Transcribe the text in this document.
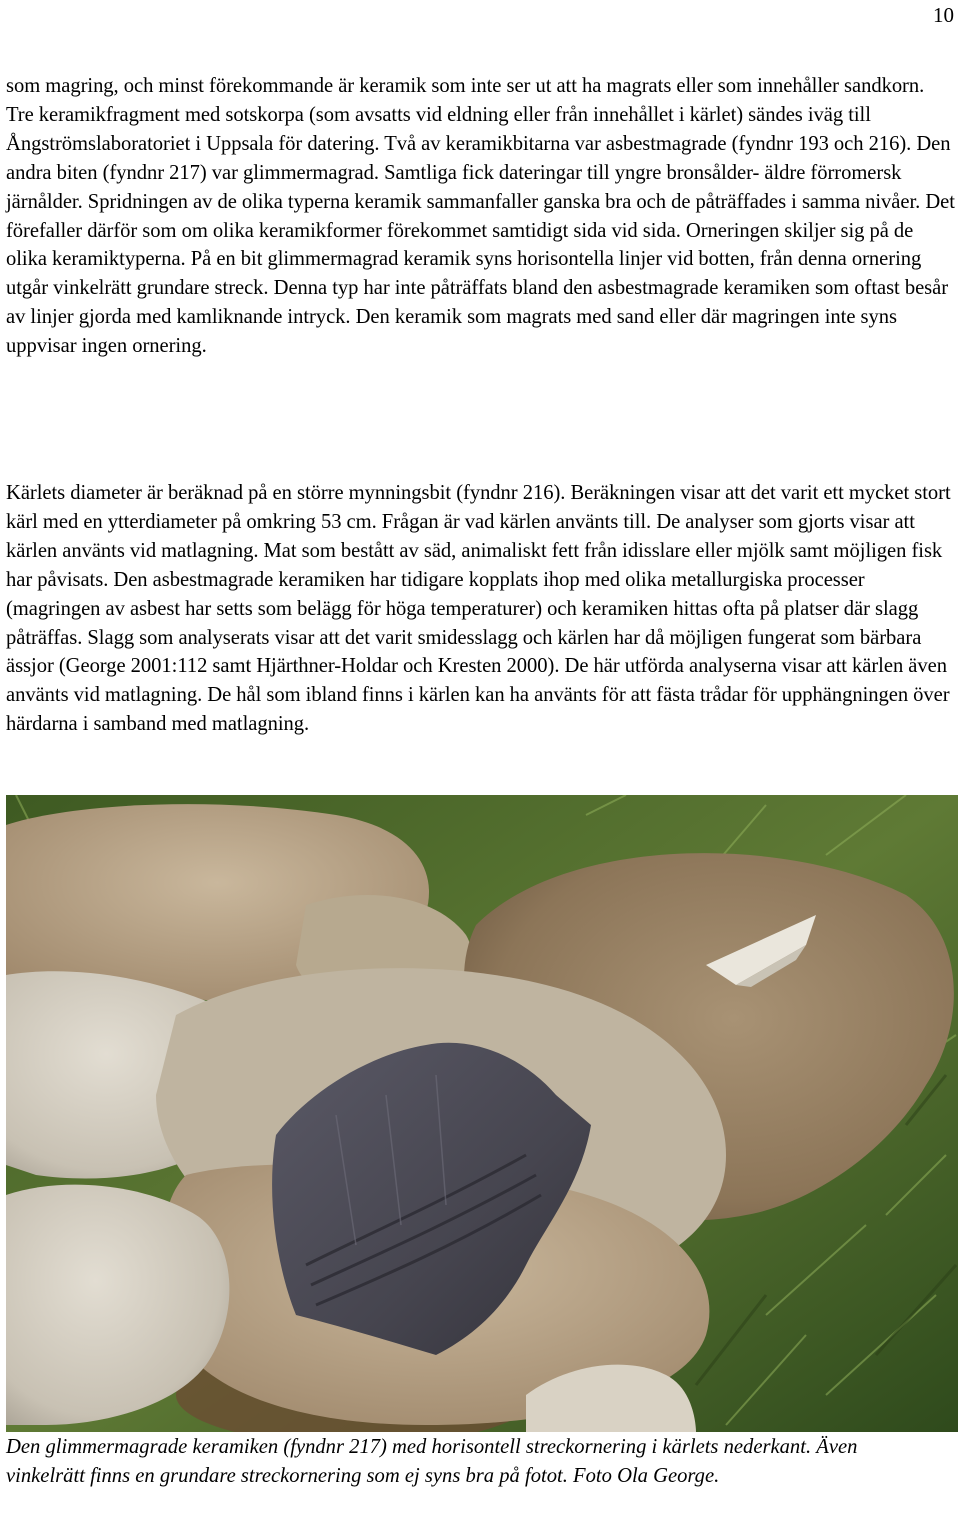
10

som magring, och minst förekommande är keramik som inte ser ut att ha magrats eller som innehåller sandkorn.
Tre keramikfragment med sotskorpa (som avsatts vid eldning eller från innehållet i kärlet) sändes iväg till Ångströmslaboratoriet i Uppsala för datering. Två av keramikbitarna var asbestmagrade (fyndnr 193 och 216). Den andra biten (fyndnr 217) var glimmermagrad. Samtliga fick dateringar till yngre bronsålder- äldre förromersk järnålder. Spridningen av de olika typerna keramik sammanfaller ganska bra och de påträffades i samma nivåer. Det förefaller därför som om olika keramikformer förekommet samtidigt sida vid sida. Orneringen skiljer sig på de olika keramiktyperna. På en bit glimmermagrad keramik syns horisontella linjer vid botten, från denna ornering utgår vinkelrätt grundare streck. Denna typ har inte påträffats bland den asbestmagrade keramiken som oftast besår av linjer gjorda med kamliknande intryck. Den keramik som magrats med sand eller där magringen inte syns uppvisar ingen ornering.

Kärlets diameter är beräknad på en större mynningsbit (fyndnr 216). Beräkningen visar att det varit ett mycket stort kärl med en ytterdiameter på omkring 53 cm. Frågan är vad kärlen använts till. De analyser som gjorts visar att kärlen använts vid matlagning. Mat som bestått av säd, animaliskt fett från idisslare eller mjölk samt möjligen fisk har påvisats. Den asbestmagrade keramiken har tidigare kopplats ihop med olika metallurgiska processer (magringen av asbest har setts som belägg för höga temperaturer) och keramiken hittas ofta på platser där slagg påträffas. Slagg som analyserats visar att det varit smidesslagg och kärlen har då möjligen fungerat som bärbara ässjor (George 2001:112 samt Hjärthner-Holdar och Kresten 2000). De här utförda analyserna visar att kärlen även använts vid matlagning. De hål som ibland finns i kärlen kan ha använts för att fästa trådar för upphängningen över härdarna i samband med matlagning.

Den glimmermagrade keramiken (fyndnr 217) med horisontell streckornering i kärlets nederkant. Även vinkelrätt finns en grundare streckornering som ej syns bra på fotot. Foto Ola George.
